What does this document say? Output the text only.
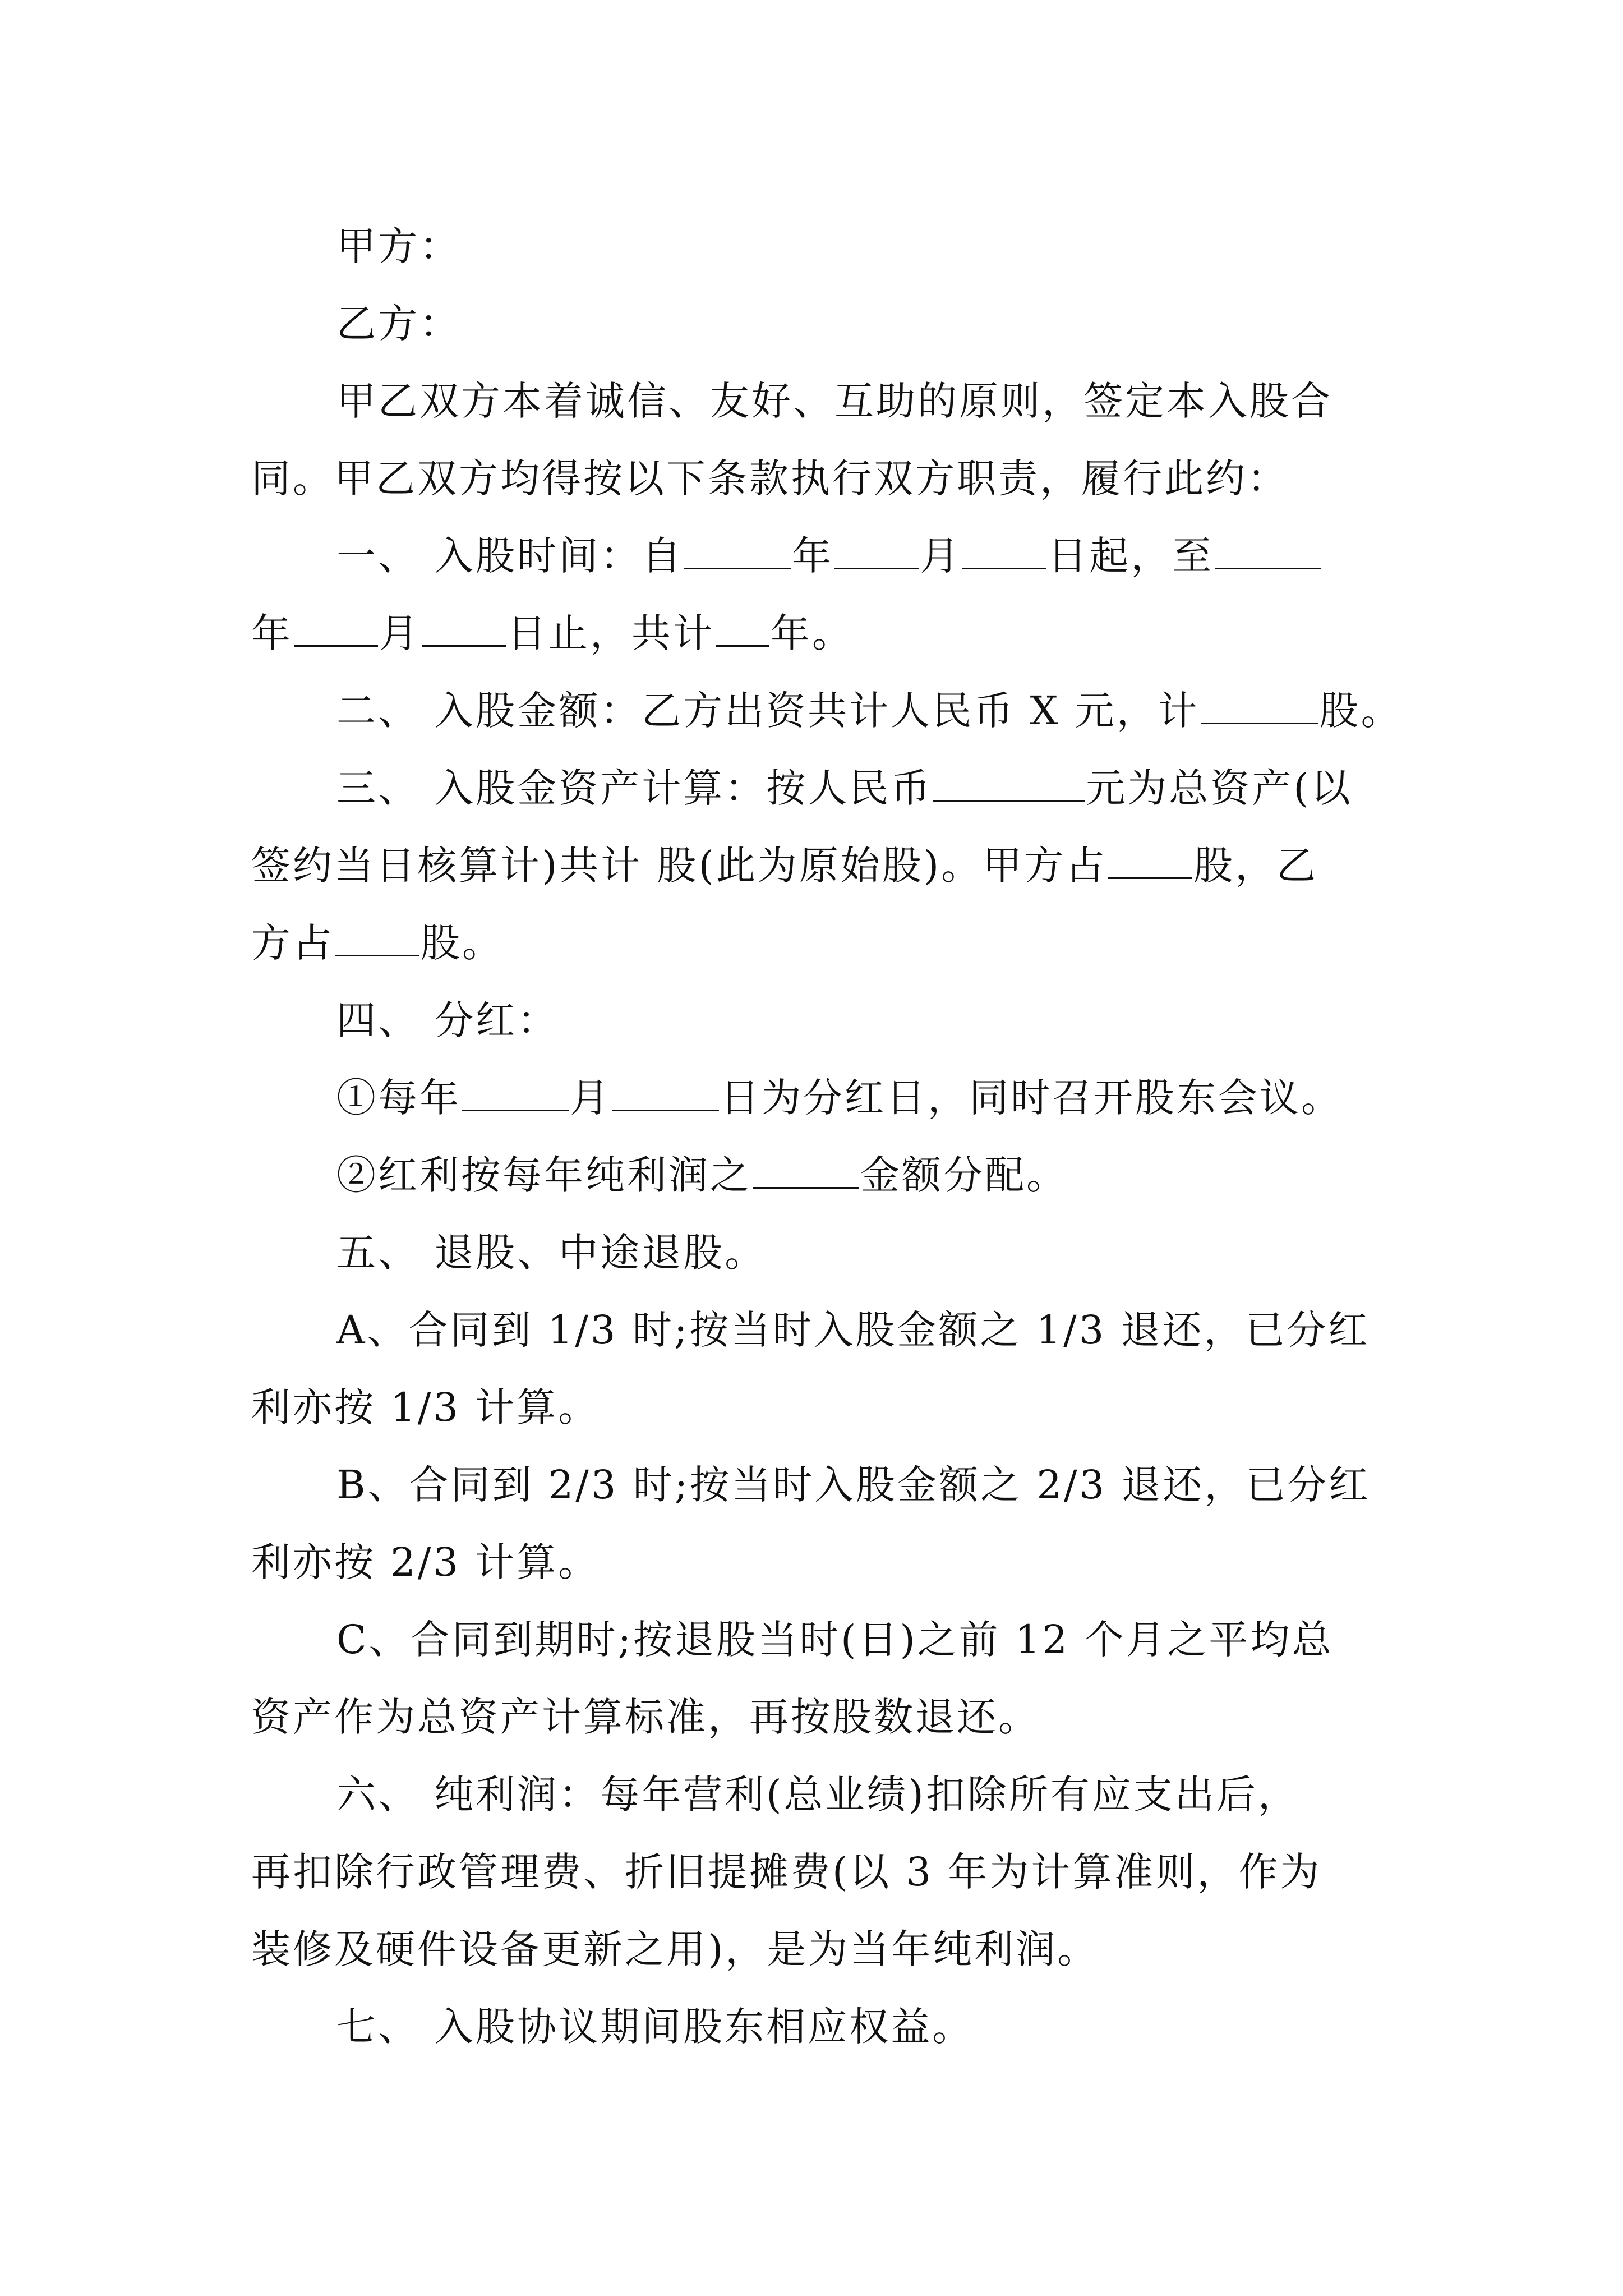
甲方：

乙方：

甲乙双方本着诚信、友好、互助的原则，签定本入股合

同。甲乙双方均得按以下条款执行双方职责，履行此约：

一、 入股时间：自	年 月 日起，至

年 月 日止，共计 年。

二、 入股金额：乙方出资共计人民币 X 元，计	股。

三、 入股金资产计算：按人民币	元为总资产(以

签约当日核算计)共计 股(此为原始股)。甲方占 股，乙

方占 股。

四、 分红：

①每年	月	日为分红日，同时召开股东会议。

②红利按每年纯利润之	金额分配。

五、 退股、中途退股。

A、合同到 1/3 时;按当时入股金额之 1/3 退还，已分红

利亦按 1/3 计算。

B、合同到 2/3 时;按当时入股金额之 2/3 退还，已分红

利亦按 2/3 计算。

C、合同到期时;按退股当时(日)之前 12 个月之平均总

资产作为总资产计算标准，再按股数退还。

六、 纯利润：每年营利(总业绩)扣除所有应支出后，

再扣除行政管理费、折旧提摊费(以 3 年为计算准则，作为

装修及硬件设备更新之用)，是为当年纯利润。

七、 入股协议期间股东相应权益。
